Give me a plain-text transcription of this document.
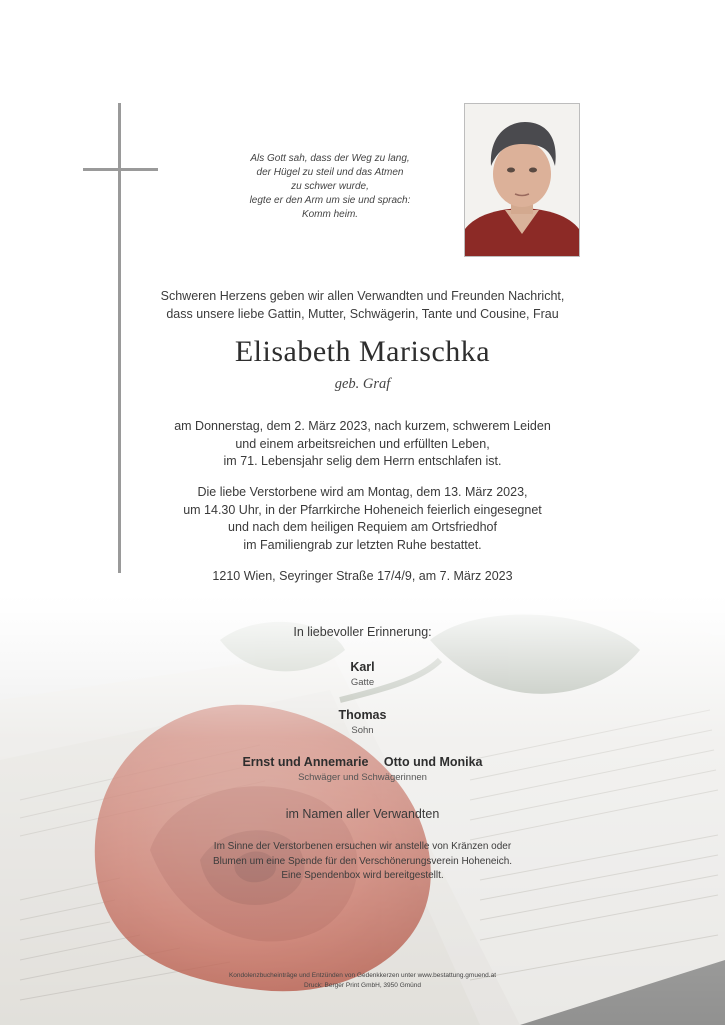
Als Gott sah, dass der Weg zu lang,
der Hügel zu steil und das Atmen
zu schwer wurde,
legte er den Arm um sie und sprach:
Komm heim.
Schweren Herzens geben wir allen Verwandten und Freunden Nachricht,
dass unsere liebe Gattin, Mutter, Schwägerin, Tante und Cousine, Frau
Elisabeth Marischka
geb. Graf
am Donnerstag, dem 2. März 2023, nach kurzem, schwerem Leiden
und einem arbeitsreichen und erfüllten Leben,
im 71. Lebensjahr selig dem Herrn entschlafen ist.
Die liebe Verstorbene wird am Montag, dem 13. März 2023,
um 14.30 Uhr, in der Pfarrkirche Hoheneich feierlich eingesegnet
und nach dem heiligen Requiem am Ortsfriedhof
im Familiengrab zur letzten Ruhe bestattet.
1210 Wien, Seyringer Straße 17/4/9, am 7. März 2023
In liebevoller Erinnerung:
Karl
Gatte
Thomas
Sohn
Ernst und Annemarie Otto und Monika
Schwäger und Schwägerinnen
im Namen aller Verwandten
Im Sinne der Verstorbenen ersuchen wir anstelle von Kränzen oder
Blumen um eine Spende für den Verschönerungsverein Hoheneich.
Eine Spendenbox wird bereitgestellt.
Kondolenzbucheinträge und Entzünden von Gedenkkerzen unter www.bestattung.gmuend.at
Druck: Berger Print GmbH, 3950 Gmünd
